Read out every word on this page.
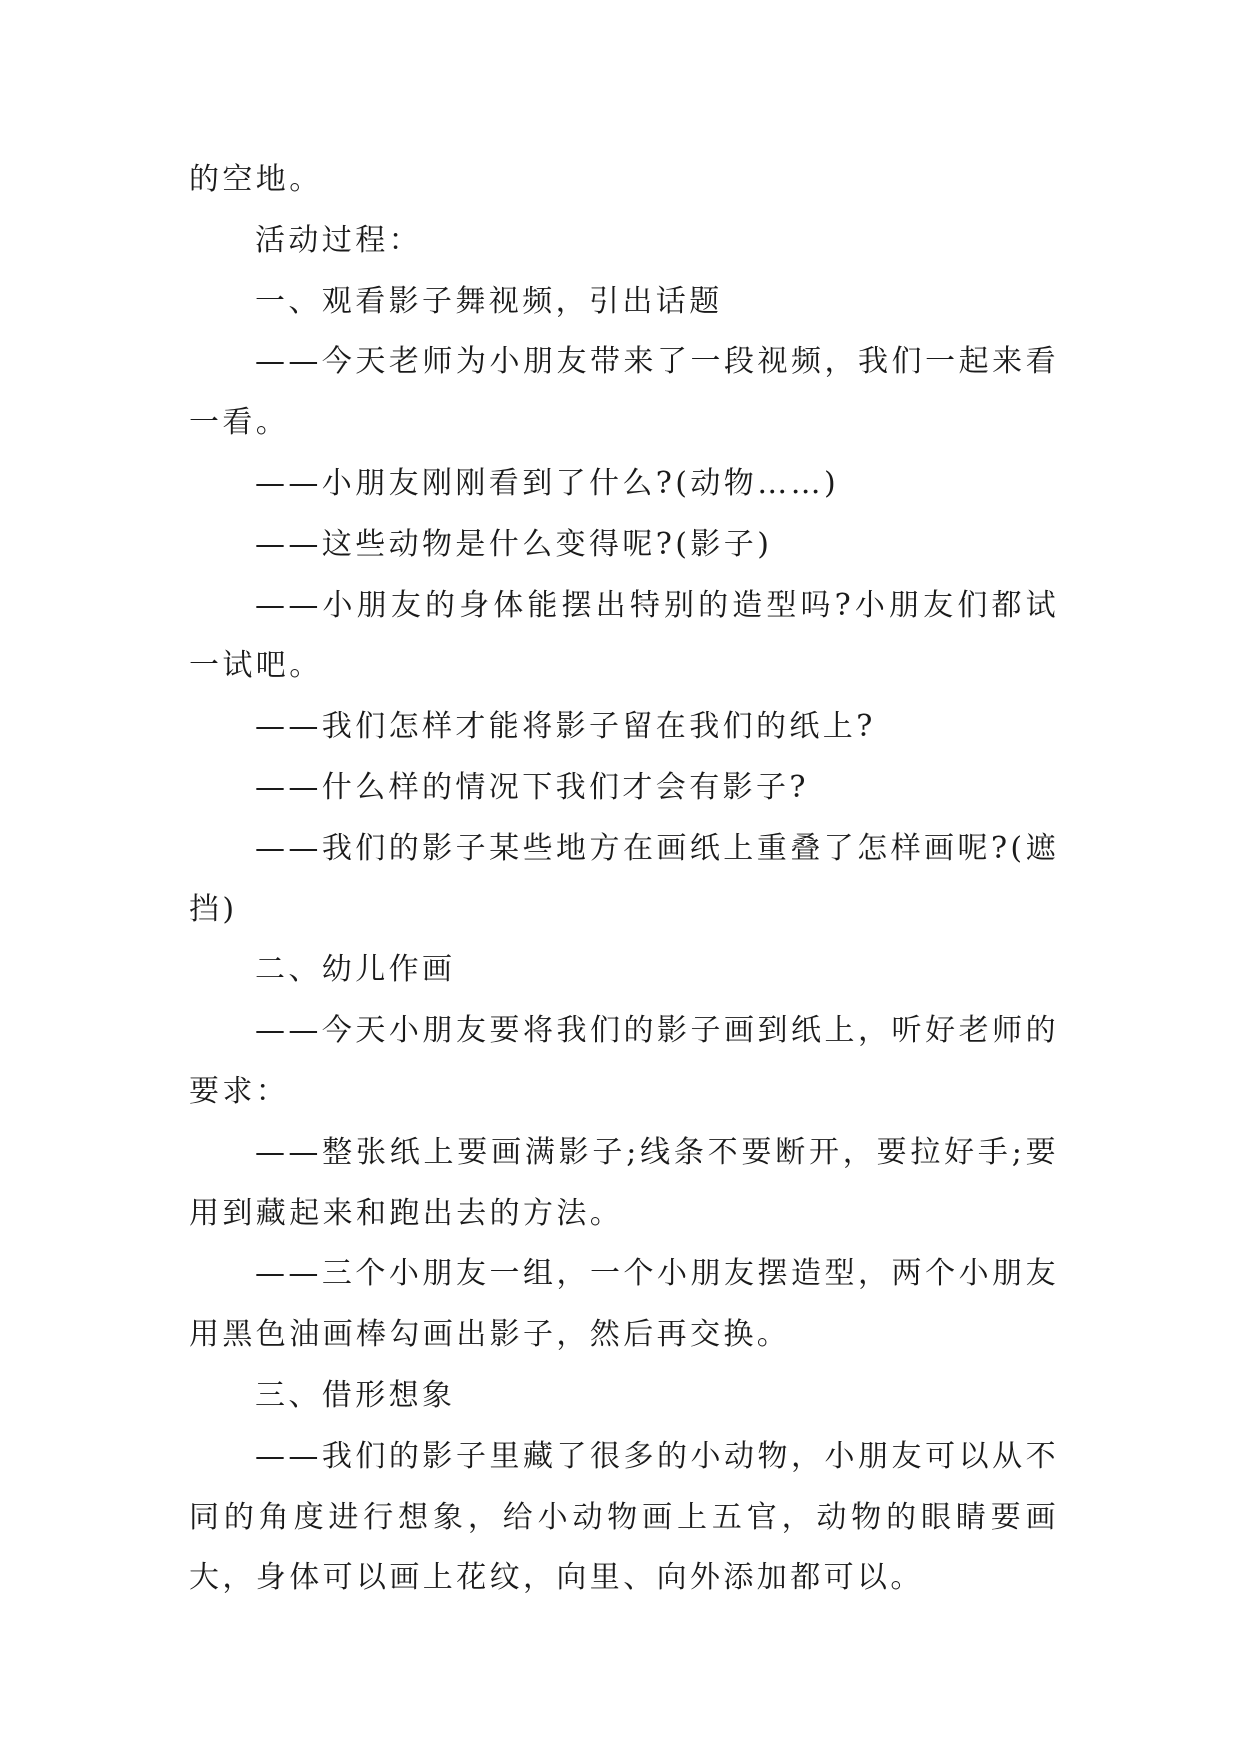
的空地。

活动过程：

一、观看影子舞视频，引出话题

——今天老师为小朋友带来了一段视频，我们一起来看一看。

——小朋友刚刚看到了什么?(动物……)

——这些动物是什么变得呢?(影子)

——小朋友的身体能摆出特别的造型吗?小朋友们都试一试吧。

——我们怎样才能将影子留在我们的纸上?

——什么样的情况下我们才会有影子?

——我们的影子某些地方在画纸上重叠了怎样画呢?(遮挡)

二、幼儿作画

——今天小朋友要将我们的影子画到纸上，听好老师的要求：

——整张纸上要画满影子;线条不要断开，要拉好手;要用到藏起来和跑出去的方法。

——三个小朋友一组，一个小朋友摆造型，两个小朋友用黑色油画棒勾画出影子，然后再交换。

三、借形想象

——我们的影子里藏了很多的小动物，小朋友可以从不同的角度进行想象，给小动物画上五官，动物的眼睛要画大，身体可以画上花纹，向里、向外添加都可以。
